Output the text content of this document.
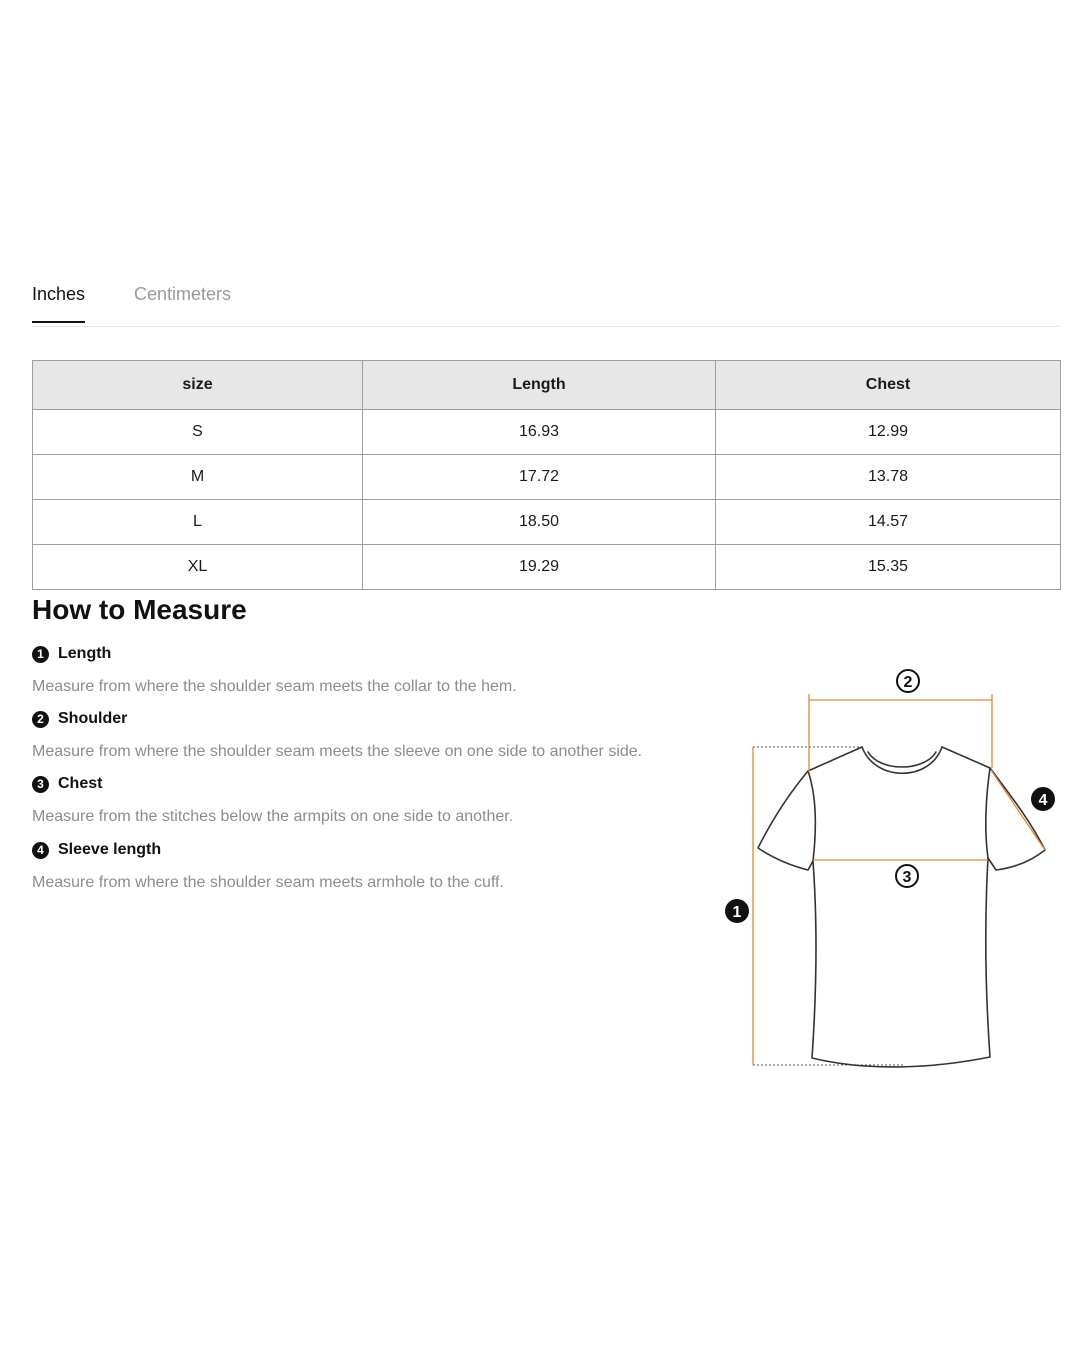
Inches	Centimeters
size	Length	Chest
S	16.93	12.99
M	17.72	13.78
L	18.50	14.57
XL	19.29	15.35
How to Measure
1 Length

Measure from where the shoulder seam meets the collar to the hem.

2 Shoulder

Measure from where the shoulder seam meets the sleeve on one side to another side.

3 Chest

Measure from the stitches below the armpits on one side to another.

4 Sleeve length

Measure from where the shoulder seam meets armhole to the cuff.

1
2
3
4
